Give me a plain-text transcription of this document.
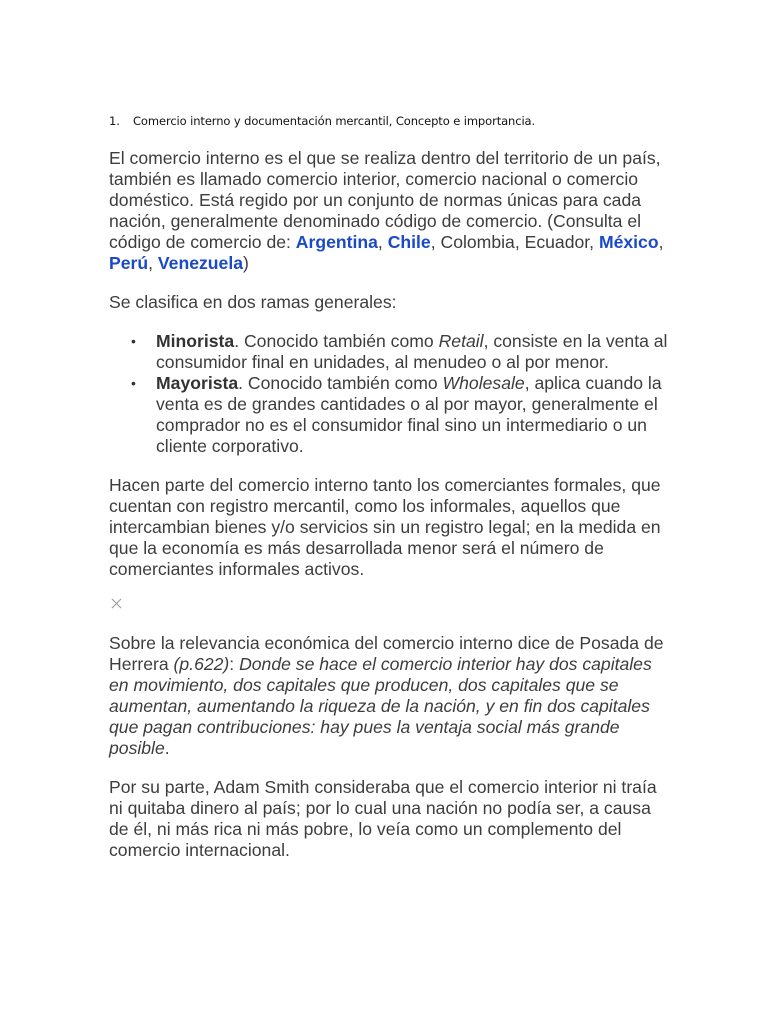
1. Comercio interno y documentación mercantil, Concepto e importancia.

El comercio interno es el que se realiza dentro del territorio de un país, también es llamado comercio interior, comercio nacional o comercio doméstico. Está regido por un conjunto de normas únicas para cada nación, generalmente denominado código de comercio. (Consulta el código de comercio de: Argentina, Chile, Colombia, Ecuador, México, Perú, Venezuela)

Se clasifica en dos ramas generales:

• Minorista. Conocido también como Retail, consiste en la venta al consumidor final en unidades, al menudeo o al por menor.
• Mayorista. Conocido también como Wholesale, aplica cuando la venta es de grandes cantidades o al por mayor, generalmente el comprador no es el consumidor final sino un intermediario o un cliente corporativo.

Hacen parte del comercio interno tanto los comerciantes formales, que cuentan con registro mercantil, como los informales, aquellos que intercambian bienes y/o servicios sin un registro legal; en la medida en que la economía es más desarrollada menor será el número de comerciantes informales activos.

Sobre la relevancia económica del comercio interno dice de Posada de Herrera (p.622): Donde se hace el comercio interior hay dos capitales en movimiento, dos capitales que producen, dos capitales que se aumentan, aumentando la riqueza de la nación, y en fin dos capitales que pagan contribuciones: hay pues la ventaja social más grande posible.

Por su parte, Adam Smith consideraba que el comercio interior ni traía ni quitaba dinero al país; por lo cual una nación no podía ser, a causa de él, ni más rica ni más pobre, lo veía como un complemento del comercio internacional.
